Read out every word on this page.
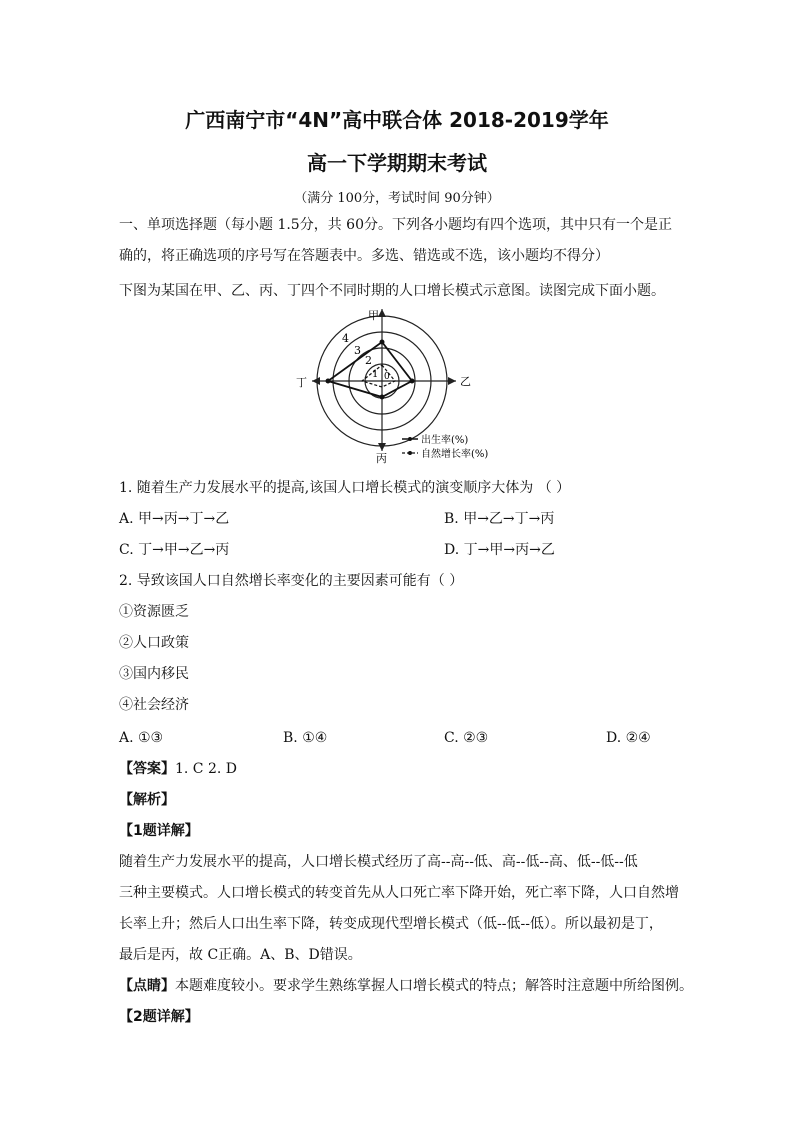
广西南宁市“4N”高中联合体 2018-2019学年
高一下学期期末考试
（满分 100分，考试时间 90分钟）
一、单项选择题（每小题 1.5分，共 60分。下列各小题均有四个选项，其中只有一个是正
确的，将正确选项的序号写在答题表中。多选、错选或不选，该小题均不得分）
下图为某国在甲、乙、丙、丁四个不同时期的人口增长模式示意图。读图完成下面小题。
甲
乙
丙
丁
4
3
2
1 0
出生率(%)
自然增长率(%)
1. 随着生产力发展水平的提高,该国人口增长模式的演变顺序大体为 （ ）
A. 甲→丙→丁→乙	B. 甲→乙→丁→丙
C. 丁→甲→乙→丙	D. 丁→甲→丙→乙
2. 导致该国人口自然增长率变化的主要因素可能有（ ）
①资源匮乏
②人口政策
③国内移民
④社会经济
A. ①③	B. ①④	C. ②③	D. ②④
【答案】1. C 2. D
【解析】
【1题详解】
随着生产力发展水平的提高，人口增长模式经历了高--高--低、高--低--高、低--低--低
三种主要模式。人口增长模式的转变首先从人口死亡率下降开始，死亡率下降，人口自然增
长率上升；然后人口出生率下降，转变成现代型增长模式（低--低--低）。所以最初是丁，
最后是丙，故 C正确。A、B、D错误。
【点睛】本题难度较小。要求学生熟练掌握人口增长模式的特点；解答时注意题中所给图例。
【2题详解】
